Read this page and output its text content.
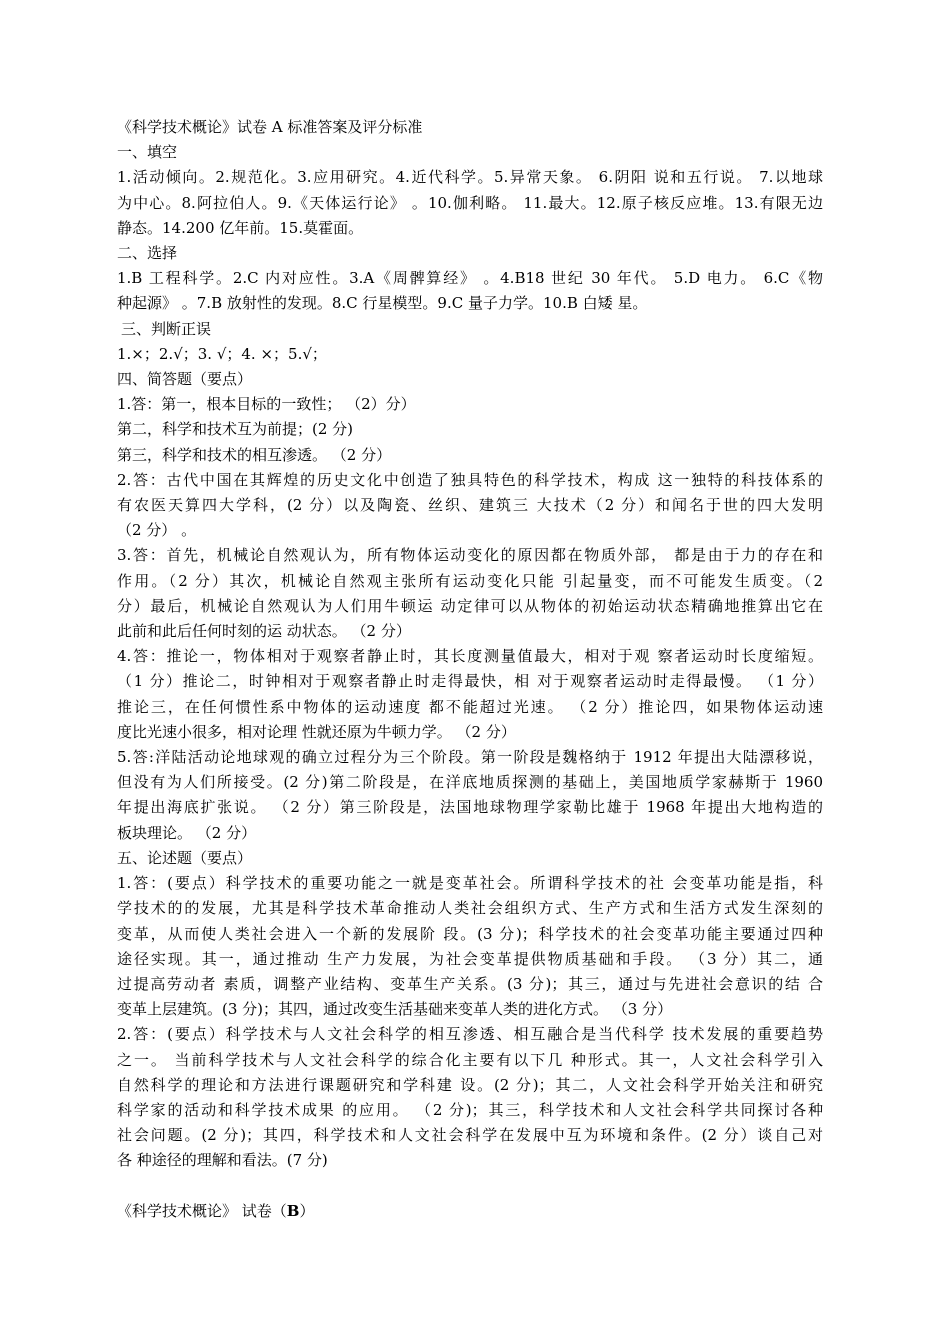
《科学技术概论》试卷 A 标准答案及评分标准

一、填空

1.活动倾向。2.规范化。3.应用研究。4.近代科学。5.异常天象。 6.阴阳 说和五行说。 7.以地球

为中心。8.阿拉伯人。9.《天体运行论》 。10.伽利略。 11.最大。12.原子核反应堆。13.有限无边

静态。14.200 亿年前。15.莫霍面。

二、选择

1.B 工程科学。2.C 内对应性。3.A《周髀算经》 。4.B18 世纪 30 年代。 5.D 电力。 6.C《物

种起源》 。7.B 放射性的发现。8.C 行星模型。9.C 量子力学。10.B 白矮 星。

三、判断正误

1.×；2.√；3. √；4. ×；5.√；

四、简答题（要点）

1.答：第一，根本目标的一致性； （2）分）

第二，科学和技术互为前提；(2 分)

第三，科学和技术的相互渗透。 （2 分）

2.答：古代中国在其辉煌的历史文化中创造了独具特色的科学技术，构成 这一独特的科技体系的

有农医天算四大学科，(2 分）以及陶瓷、丝织、建筑三 大技术（2 分）和闻名于世的四大发明

（2 分） 。

3.答：首先，机械论自然观认为，所有物体运动变化的原因都在物质外部， 都是由于力的存在和

作用。（2 分）其次，机械论自然观主张所有运动变化只能 引起量变，而不可能发生质变。（2

分）最后，机械论自然观认为人们用牛顿运 动定律可以从物体的初始运动状态精确地推算出它在

此前和此后任何时刻的运 动状态。 （2 分）

4.答：推论一，物体相对于观察者静止时，其长度测量值最大，相对于观 察者运动时长度缩短。

（1 分）推论二，时钟相对于观察者静止时走得最快，相 对于观察者运动时走得最慢。 （1 分）

推论三，在任何惯性系中物体的运动速度 都不能超过光速。 （2 分）推论四，如果物体运动速

度比光速小很多，相对论理 性就还原为牛顿力学。 （2 分）

5.答:洋陆活动论地球观的确立过程分为三个阶段。第一阶段是魏格纳于 1912 年提出大陆漂移说，

但没有为人们所接受。(2 分)第二阶段是，在洋底地质探测的基础上，美国地质学家赫斯于 1960

年提出海底扩张说。 （2 分）第三阶段是，法国地球物理学家勒比雄于 1968 年提出大地构造的

板块理论。 （2 分）

五、论述题（要点）

1.答：(要点）科学技术的重要功能之一就是变革社会。所谓科学技术的社 会变革功能是指，科

学技术的的发展，尤其是科学技术革命推动人类社会组织方式、生产方式和生活方式发生深刻的

变革，从而使人类社会进入一个新的发展阶 段。(3 分)；科学技术的社会变革功能主要通过四种

途径实现。其一，通过推动 生产力发展，为社会变革提供物质基础和手段。 （3 分）其二，通

过提高劳动者 素质，调整产业结构、变革生产关系。(3 分)；其三，通过与先进社会意识的结 合

变革上层建筑。(3 分)；其四，通过改变生活基础来变革人类的进化方式。 （3 分）

2.答：(要点）科学技术与人文社会科学的相互渗透、相互融合是当代科学 技术发展的重要趋势

之一。 当前科学技术与人文社会科学的综合化主要有以下几 种形式。其一，人文社会科学引入

自然科学的理论和方法进行课题研究和学科建 设。(2 分)；其二，人文社会科学开始关注和研究

科学家的活动和科学技术成果 的应用。 （2 分)；其三，科学技术和人文社会科学共同探讨各种

社会问题。(2 分)；其四，科学技术和人文社会科学在发展中互为环境和条件。(2 分）谈自己对

各 种途径的理解和看法。(7 分)

《科学技术概论》 试卷（B）
